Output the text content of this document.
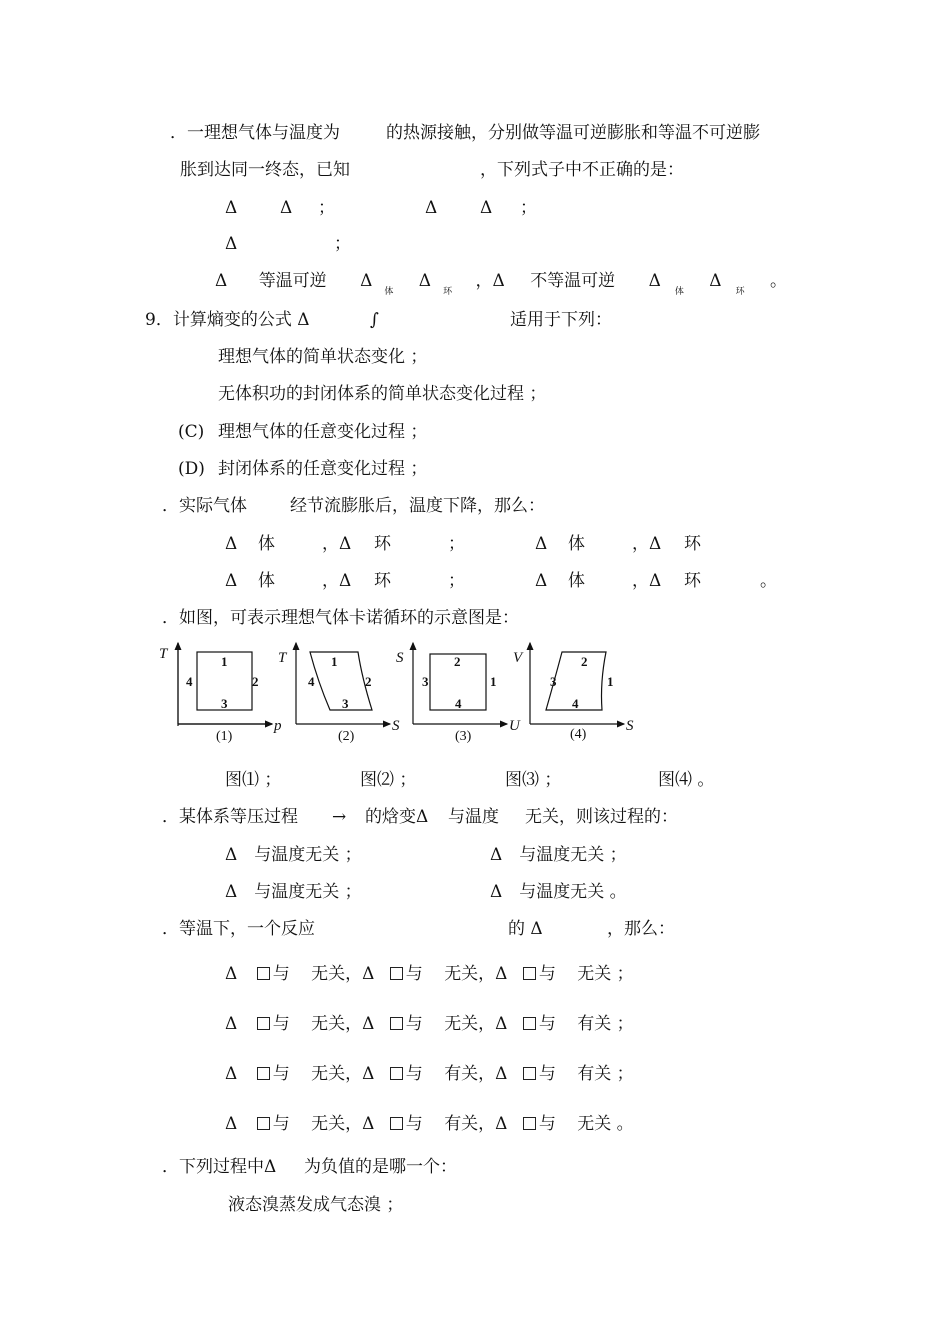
．一理想气体与温度为	的热源接触，分别做等温可逆膨胀和等温不可逆膨
胀到达同一终态，已知	，下列式子中不正确的是：
Δ	Δ ；	Δ	Δ ；
Δ	；
Δ 等温可逆 $\Delta_体$ $\Delta_环$ ，Δ 不等温可逆 $\Delta_体$ $\Delta_环$ 。
9．计算熵变的公式 Δ	∫	适用于下列：
理想气体的简单状态变化 ；
无体积功的封闭体系的简单状态变化过程 ；
(C) 理想气体的任意变化过程 ；
(D) 封闭体系的任意变化过程 ；
．实际气体	经节流膨胀后，温度下降，那么：
Δ 体	，Δ 环	；	Δ 体	，Δ 环
Δ 体	，Δ 环	；	Δ 体	，Δ 环	。
．如图，可表示理想气体卡诺循环的示意图是：
T
p
1
2
3
4
(1)
T
S
1
2
3
4
(2)
S
U
1
2
3
4
(3)
V
S
1
2
3
4
(4)
图⑴ ；	图⑵ ；	图⑶ ；	图⑷ 。
．某体系等压过程 → 的焓变Δ 与温度 无关，则该过程的：
Δ　与温度无关 ；	Δ　与温度无关 ；
Δ　与温度无关 ；	Δ　与温度无关 。
．等温下，一个反应	的 Δ	，那么：
Δ 与 无关，Δ 与 无关，Δ 与 无关 ；
Δ 与 无关，Δ 与 无关，Δ 与 有关 ；
Δ 与 无关，Δ 与 有关，Δ 与 有关 ；
Δ 与 无关，Δ 与 有关，Δ 与 无关 。
．下列过程中Δ 为负值的是哪一个：
液态溴蒸发成气态溴 ；
